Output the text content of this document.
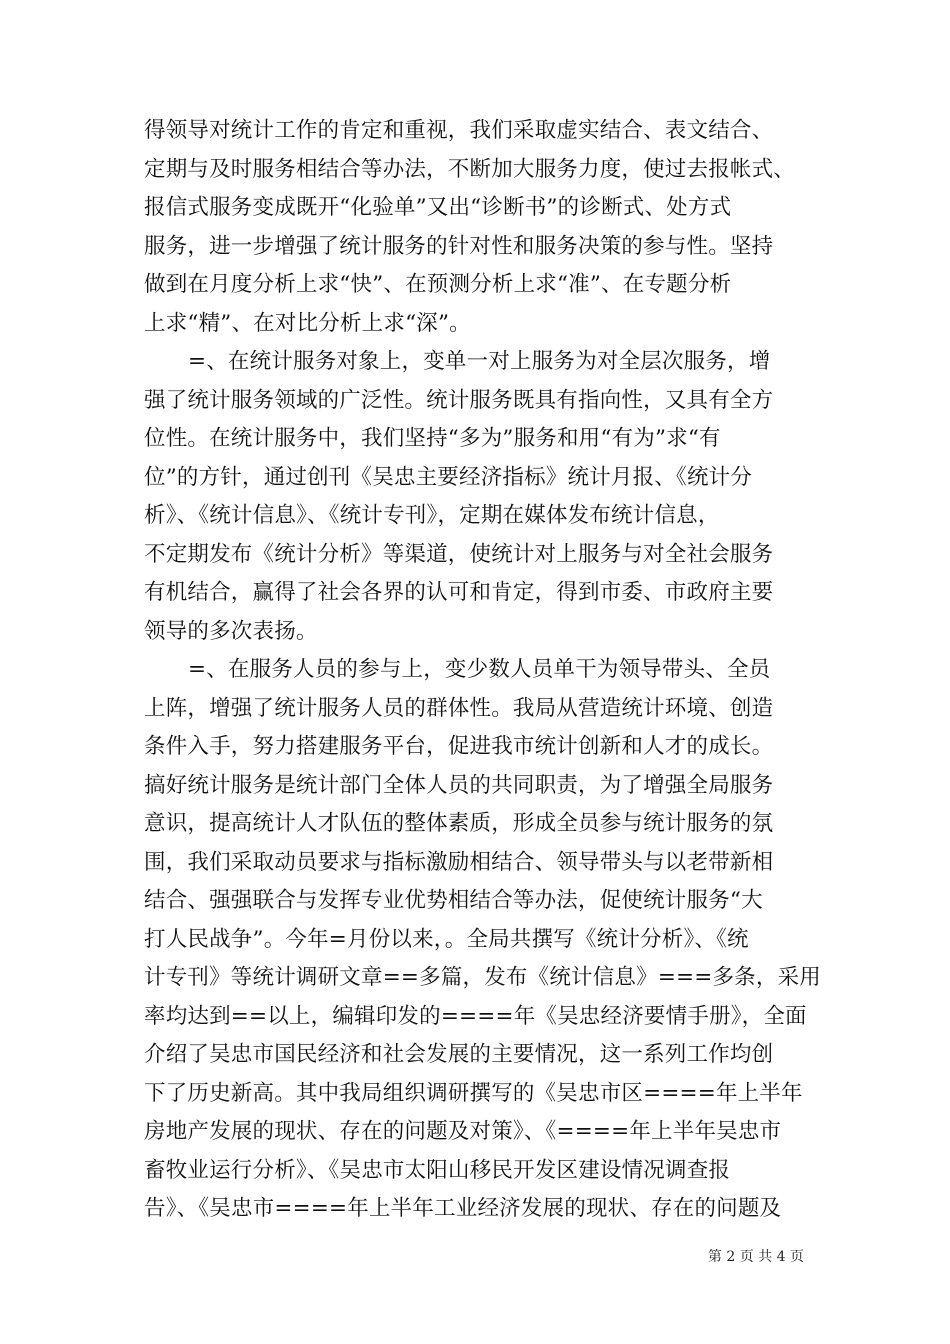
得领导对统计工作的肯定和重视，我们采取虚实结合、表文结合、
定期与及时服务相结合等办法，不断加大服务力度，使过去报帐式、
报信式服务变成既开“化验单”又出“诊断书”的诊断式、处方式
服务，进一步增强了统计服务的针对性和服务决策的参与性。坚持
做到在月度分析上求“快”、在预测分析上求“准”、在专题分析
上求“精”、在对比分析上求“深”。
=、在统计服务对象上，变单一对上服务为对全层次服务，增
强了统计服务领域的广泛性。统计服务既具有指向性，又具有全方
位性。在统计服务中，我们坚持“多为”服务和用“有为”求“有
位”的方针，通过创刊《吴忠主要经济指标》统计月报、《统计分
析》、《统计信息》、《统计专刊》，定期在媒体发布统计信息，
不定期发布《统计分析》等渠道，使统计对上服务与对全社会服务
有机结合，赢得了社会各界的认可和肯定，得到市委、市政府主要
领导的多次表扬。
=、在服务人员的参与上，变少数人员单干为领导带头、全员
上阵，增强了统计服务人员的群体性。我局从营造统计环境、创造
条件入手，努力搭建服务平台，促进我市统计创新和人才的成长。
搞好统计服务是统计部门全体人员的共同职责，为了增强全局服务
意识，提高统计人才队伍的整体素质，形成全员参与统计服务的氛
围，我们采取动员要求与指标激励相结合、领导带头与以老带新相
结合、强强联合与发挥专业优势相结合等办法，促使统计服务“大
打人民战争”。今年=月份以来，。全局共撰写《统计分析》、《统
计专刊》等统计调研文章==多篇，发布《统计信息》===多条，采用
率均达到==以上，编辑印发的====年《吴忠经济要情手册》，全面
介绍了吴忠市国民经济和社会发展的主要情况，这一系列工作均创
下了历史新高。其中我局组织调研撰写的《吴忠市区====年上半年
房地产发展的现状、存在的问题及对策》、《====年上半年吴忠市
畜牧业运行分析》、《吴忠市太阳山移民开发区建设情况调查报
告》、《吴忠市====年上半年工业经济发展的现状、存在的问题及
第 2 页 共 4 页
